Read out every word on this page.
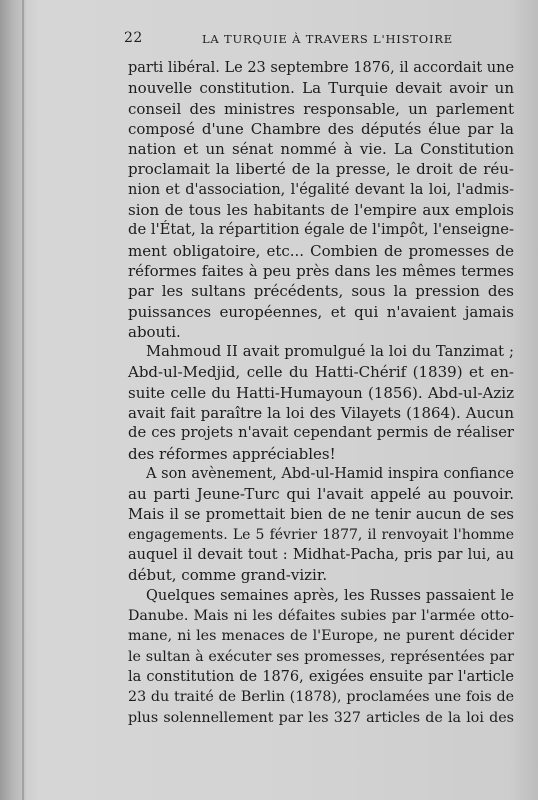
22	LA TURQUIE À TRAVERS L'HISTOIRE
parti libéral. Le 23 septembre 1876, il accordait une
nouvelle constitution. La Turquie devait avoir un
conseil des ministres responsable, un parlement
composé d'une Chambre des députés élue par la
nation et un sénat nommé à vie. La Constitution
proclamait la liberté de la presse, le droit de réu-
nion et d'association, l'égalité devant la loi, l'admis-
sion de tous les habitants de l'empire aux emplois
de l'État, la répartition égale de l'impôt, l'enseigne-
ment obligatoire, etc... Combien de promesses de
réformes faites à peu près dans les mêmes termes
par les sultans précédents, sous la pression des
puissances européennes, et qui n'avaient jamais
abouti.
Mahmoud II avait promulgué la loi du Tanzimat ;
Abd-ul-Medjid, celle du Hatti-Chérif (1839) et en-
suite celle du Hatti-Humayoun (1856). Abd-ul-Aziz
avait fait paraître la loi des Vilayets (1864). Aucun
de ces projets n'avait cependant permis de réaliser
des réformes appréciables!
A son avènement, Abd-ul-Hamid inspira confiance
au parti Jeune-Turc qui l'avait appelé au pouvoir.
Mais il se promettait bien de ne tenir aucun de ses
engagements. Le 5 février 1877, il renvoyait l'homme
auquel il devait tout : Midhat-Pacha, pris par lui, au
début, comme grand-vizir.
Quelques semaines après, les Russes passaient le
Danube. Mais ni les défaites subies par l'armée otto-
mane, ni les menaces de l'Europe, ne purent décider
le sultan à exécuter ses promesses, représentées par
la constitution de 1876, exigées ensuite par l'article
23 du traité de Berlin (1878), proclamées une fois de
plus solennellement par les 327 articles de la loi des
